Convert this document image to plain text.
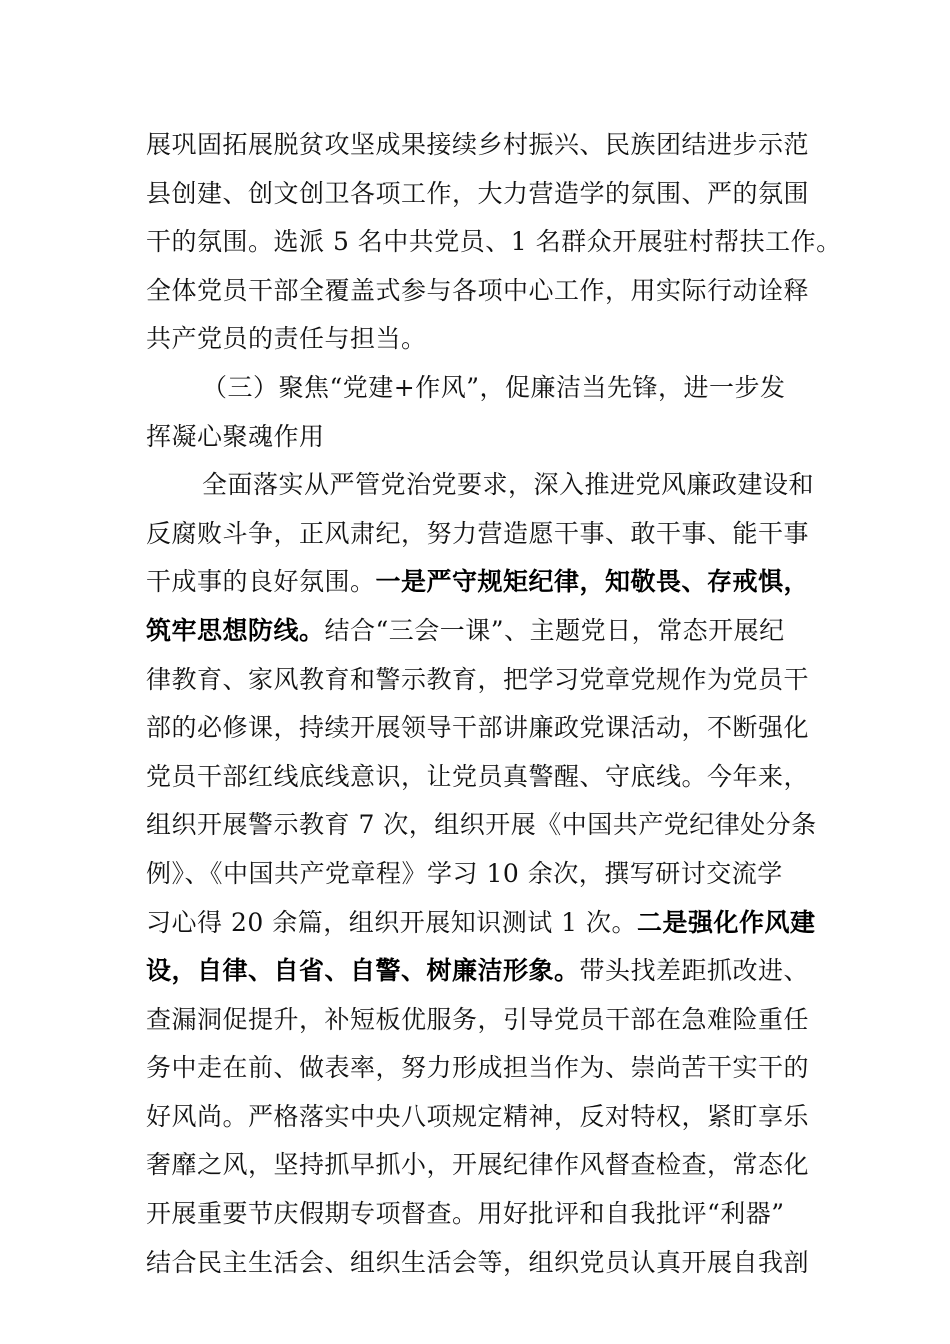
展巩固拓展脱贫攻坚成果接续乡村振兴、民族团结进步示范
县创建、创文创卫各项工作，大力营造学的氛围、严的氛围
干的氛围。选派 5 名中共党员、1 名群众开展驻村帮扶工作。
全体党员干部全覆盖式参与各项中心工作，用实际行动诠释
共产党员的责任与担当。
（三）聚焦“党建+作风”，促廉洁当先锋，进一步发
挥凝心聚魂作用
全面落实从严管党治党要求，深入推进党风廉政建设和
反腐败斗争，正风肃纪，努力营造愿干事、敢干事、能干事
干成事的良好氛围。一是严守规矩纪律，知敬畏、存戒惧，
筑牢思想防线。结合“三会一课”、主题党日，常态开展纪
律教育、家风教育和警示教育，把学习党章党规作为党员干
部的必修课，持续开展领导干部讲廉政党课活动，不断强化
党员干部红线底线意识，让党员真警醒、守底线。今年来，
组织开展警示教育 7 次，组织开展《中国共产党纪律处分条
例》、《中国共产党章程》学习 10 余次，撰写研讨交流学
习心得 20 余篇，组织开展知识测试 1 次。二是强化作风建
设，自律、自省、自警、树廉洁形象。带头找差距抓改进、
查漏洞促提升，补短板优服务，引导党员干部在急难险重任
务中走在前、做表率，努力形成担当作为、崇尚苦干实干的
好风尚。严格落实中央八项规定精神，反对特权，紧盯享乐
奢靡之风，坚持抓早抓小，开展纪律作风督查检查，常态化
开展重要节庆假期专项督查。用好批评和自我批评“利器”
结合民主生活会、组织生活会等，组织党员认真开展自我剖
